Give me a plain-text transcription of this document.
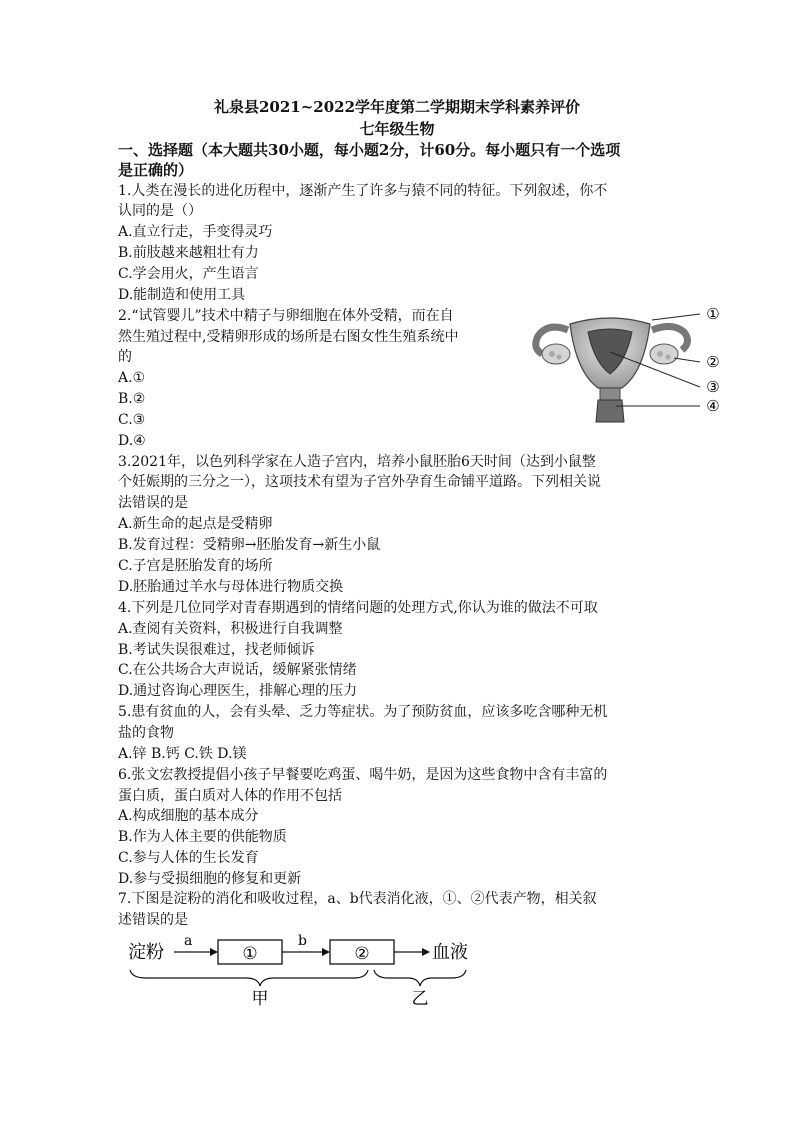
礼泉县2021~2022学年度第二学期期末学科素养评价
七年级生物
一、选择题（本大题共30小题，每小题2分，计60分。每小题只有一个选项
是正确的）
1.人类在漫长的进化历程中，逐渐产生了许多与猿不同的特征。下列叙述，你不
认同的是（）
A.直立行走，手变得灵巧
B.前肢越来越粗壮有力
C.学会用火，产生语言
D.能制造和使用工具
2.“试管婴儿”技术中精子与卵细胞在体外受精，而在自
然生殖过程中,受精卵形成的场所是右图女性生殖系统中
的
A.①
B.②
C.③
D.④
①
②
③
④
3.2021年，以色列科学家在人造子宫内，培养小鼠胚胎6天时间（达到小鼠整
个妊娠期的三分之一），这项技术有望为子宫外孕育生命铺平道路。下列相关说
法错误的是
A.新生命的起点是受精卵
B.发育过程：受精卵→胚胎发育→新生小鼠
C.子宫是胚胎发育的场所
D.胚胎通过羊水与母体进行物质交换
4.下列是几位同学对青春期遇到的情绪问题的处理方式,你认为谁的做法不可取
A.查阅有关资料，积极进行自我调整
B.考试失误很难过，找老师倾诉
C.在公共场合大声说话，缓解紧张情绪
D.通过咨询心理医生，排解心理的压力
5.患有贫血的人，会有头晕、乏力等症状。为了预防贫血，应该多吃含哪种无机
盐的食物
A.锌 B.钙 C.铁 D.镁
6.张文宏教授提倡小孩子早餐要吃鸡蛋、喝牛奶，是因为这些食物中含有丰富的
蛋白质，蛋白质对人体的作用不包括
A.构成细胞的基本成分
B.作为人体主要的供能物质
C.参与人体的生长发育
D.参与受损细胞的修复和更新
7.下图是淀粉的消化和吸收过程，a、b代表消化液，①、②代表产物，相关叙
述错误的是
淀粉
a
①
b
②	血液
甲	乙
